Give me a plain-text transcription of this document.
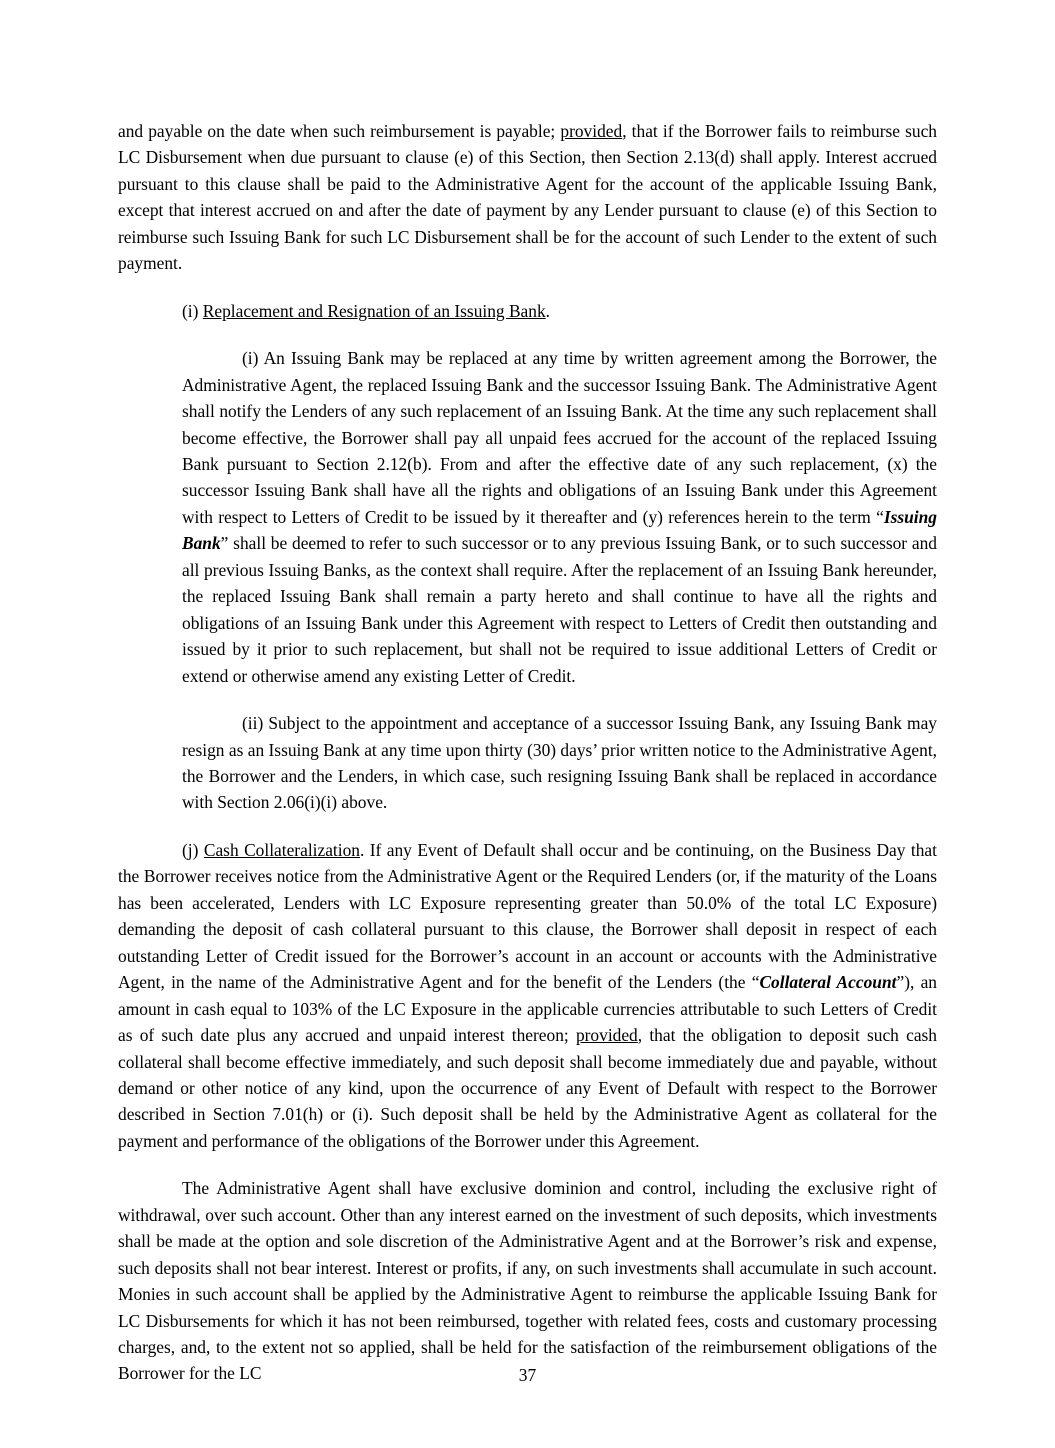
and payable on the date when such reimbursement is payable; provided, that if the Borrower fails to reimburse such LC Disbursement when due pursuant to clause (e) of this Section, then Section 2.13(d) shall apply. Interest accrued pursuant to this clause shall be paid to the Administrative Agent for the account of the applicable Issuing Bank, except that interest accrued on and after the date of payment by any Lender pursuant to clause (e) of this Section to reimburse such Issuing Bank for such LC Disbursement shall be for the account of such Lender to the extent of such payment.

(i) Replacement and Resignation of an Issuing Bank.

(i) An Issuing Bank may be replaced at any time by written agreement among the Borrower, the Administrative Agent, the replaced Issuing Bank and the successor Issuing Bank. The Administrative Agent shall notify the Lenders of any such replacement of an Issuing Bank. At the time any such replacement shall become effective, the Borrower shall pay all unpaid fees accrued for the account of the replaced Issuing Bank pursuant to Section 2.12(b). From and after the effective date of any such replacement, (x) the successor Issuing Bank shall have all the rights and obligations of an Issuing Bank under this Agreement with respect to Letters of Credit to be issued by it thereafter and (y) references herein to the term “Issuing Bank” shall be deemed to refer to such successor or to any previous Issuing Bank, or to such successor and all previous Issuing Banks, as the context shall require. After the replacement of an Issuing Bank hereunder, the replaced Issuing Bank shall remain a party hereto and shall continue to have all the rights and obligations of an Issuing Bank under this Agreement with respect to Letters of Credit then outstanding and issued by it prior to such replacement, but shall not be required to issue additional Letters of Credit or extend or otherwise amend any existing Letter of Credit.

(ii) Subject to the appointment and acceptance of a successor Issuing Bank, any Issuing Bank may resign as an Issuing Bank at any time upon thirty (30) days’ prior written notice to the Administrative Agent, the Borrower and the Lenders, in which case, such resigning Issuing Bank shall be replaced in accordance with Section 2.06(i)(i) above.

(j) Cash Collateralization. If any Event of Default shall occur and be continuing, on the Business Day that the Borrower receives notice from the Administrative Agent or the Required Lenders (or, if the maturity of the Loans has been accelerated, Lenders with LC Exposure representing greater than 50.0% of the total LC Exposure) demanding the deposit of cash collateral pursuant to this clause, the Borrower shall deposit in respect of each outstanding Letter of Credit issued for the Borrower’s account in an account or accounts with the Administrative Agent, in the name of the Administrative Agent and for the benefit of the Lenders (the “Collateral Account”), an amount in cash equal to 103% of the LC Exposure in the applicable currencies attributable to such Letters of Credit as of such date plus any accrued and unpaid interest thereon; provided, that the obligation to deposit such cash collateral shall become effective immediately, and such deposit shall become immediately due and payable, without demand or other notice of any kind, upon the occurrence of any Event of Default with respect to the Borrower described in Section 7.01(h) or (i). Such deposit shall be held by the Administrative Agent as collateral for the payment and performance of the obligations of the Borrower under this Agreement.

The Administrative Agent shall have exclusive dominion and control, including the exclusive right of withdrawal, over such account. Other than any interest earned on the investment of such deposits, which investments shall be made at the option and sole discretion of the Administrative Agent and at the Borrower’s risk and expense, such deposits shall not bear interest. Interest or profits, if any, on such investments shall accumulate in such account. Monies in such account shall be applied by the Administrative Agent to reimburse the applicable Issuing Bank for LC Disbursements for which it has not been reimbursed, together with related fees, costs and customary processing charges, and, to the extent not so applied, shall be held for the satisfaction of the reimbursement obligations of the Borrower for the LC	37
